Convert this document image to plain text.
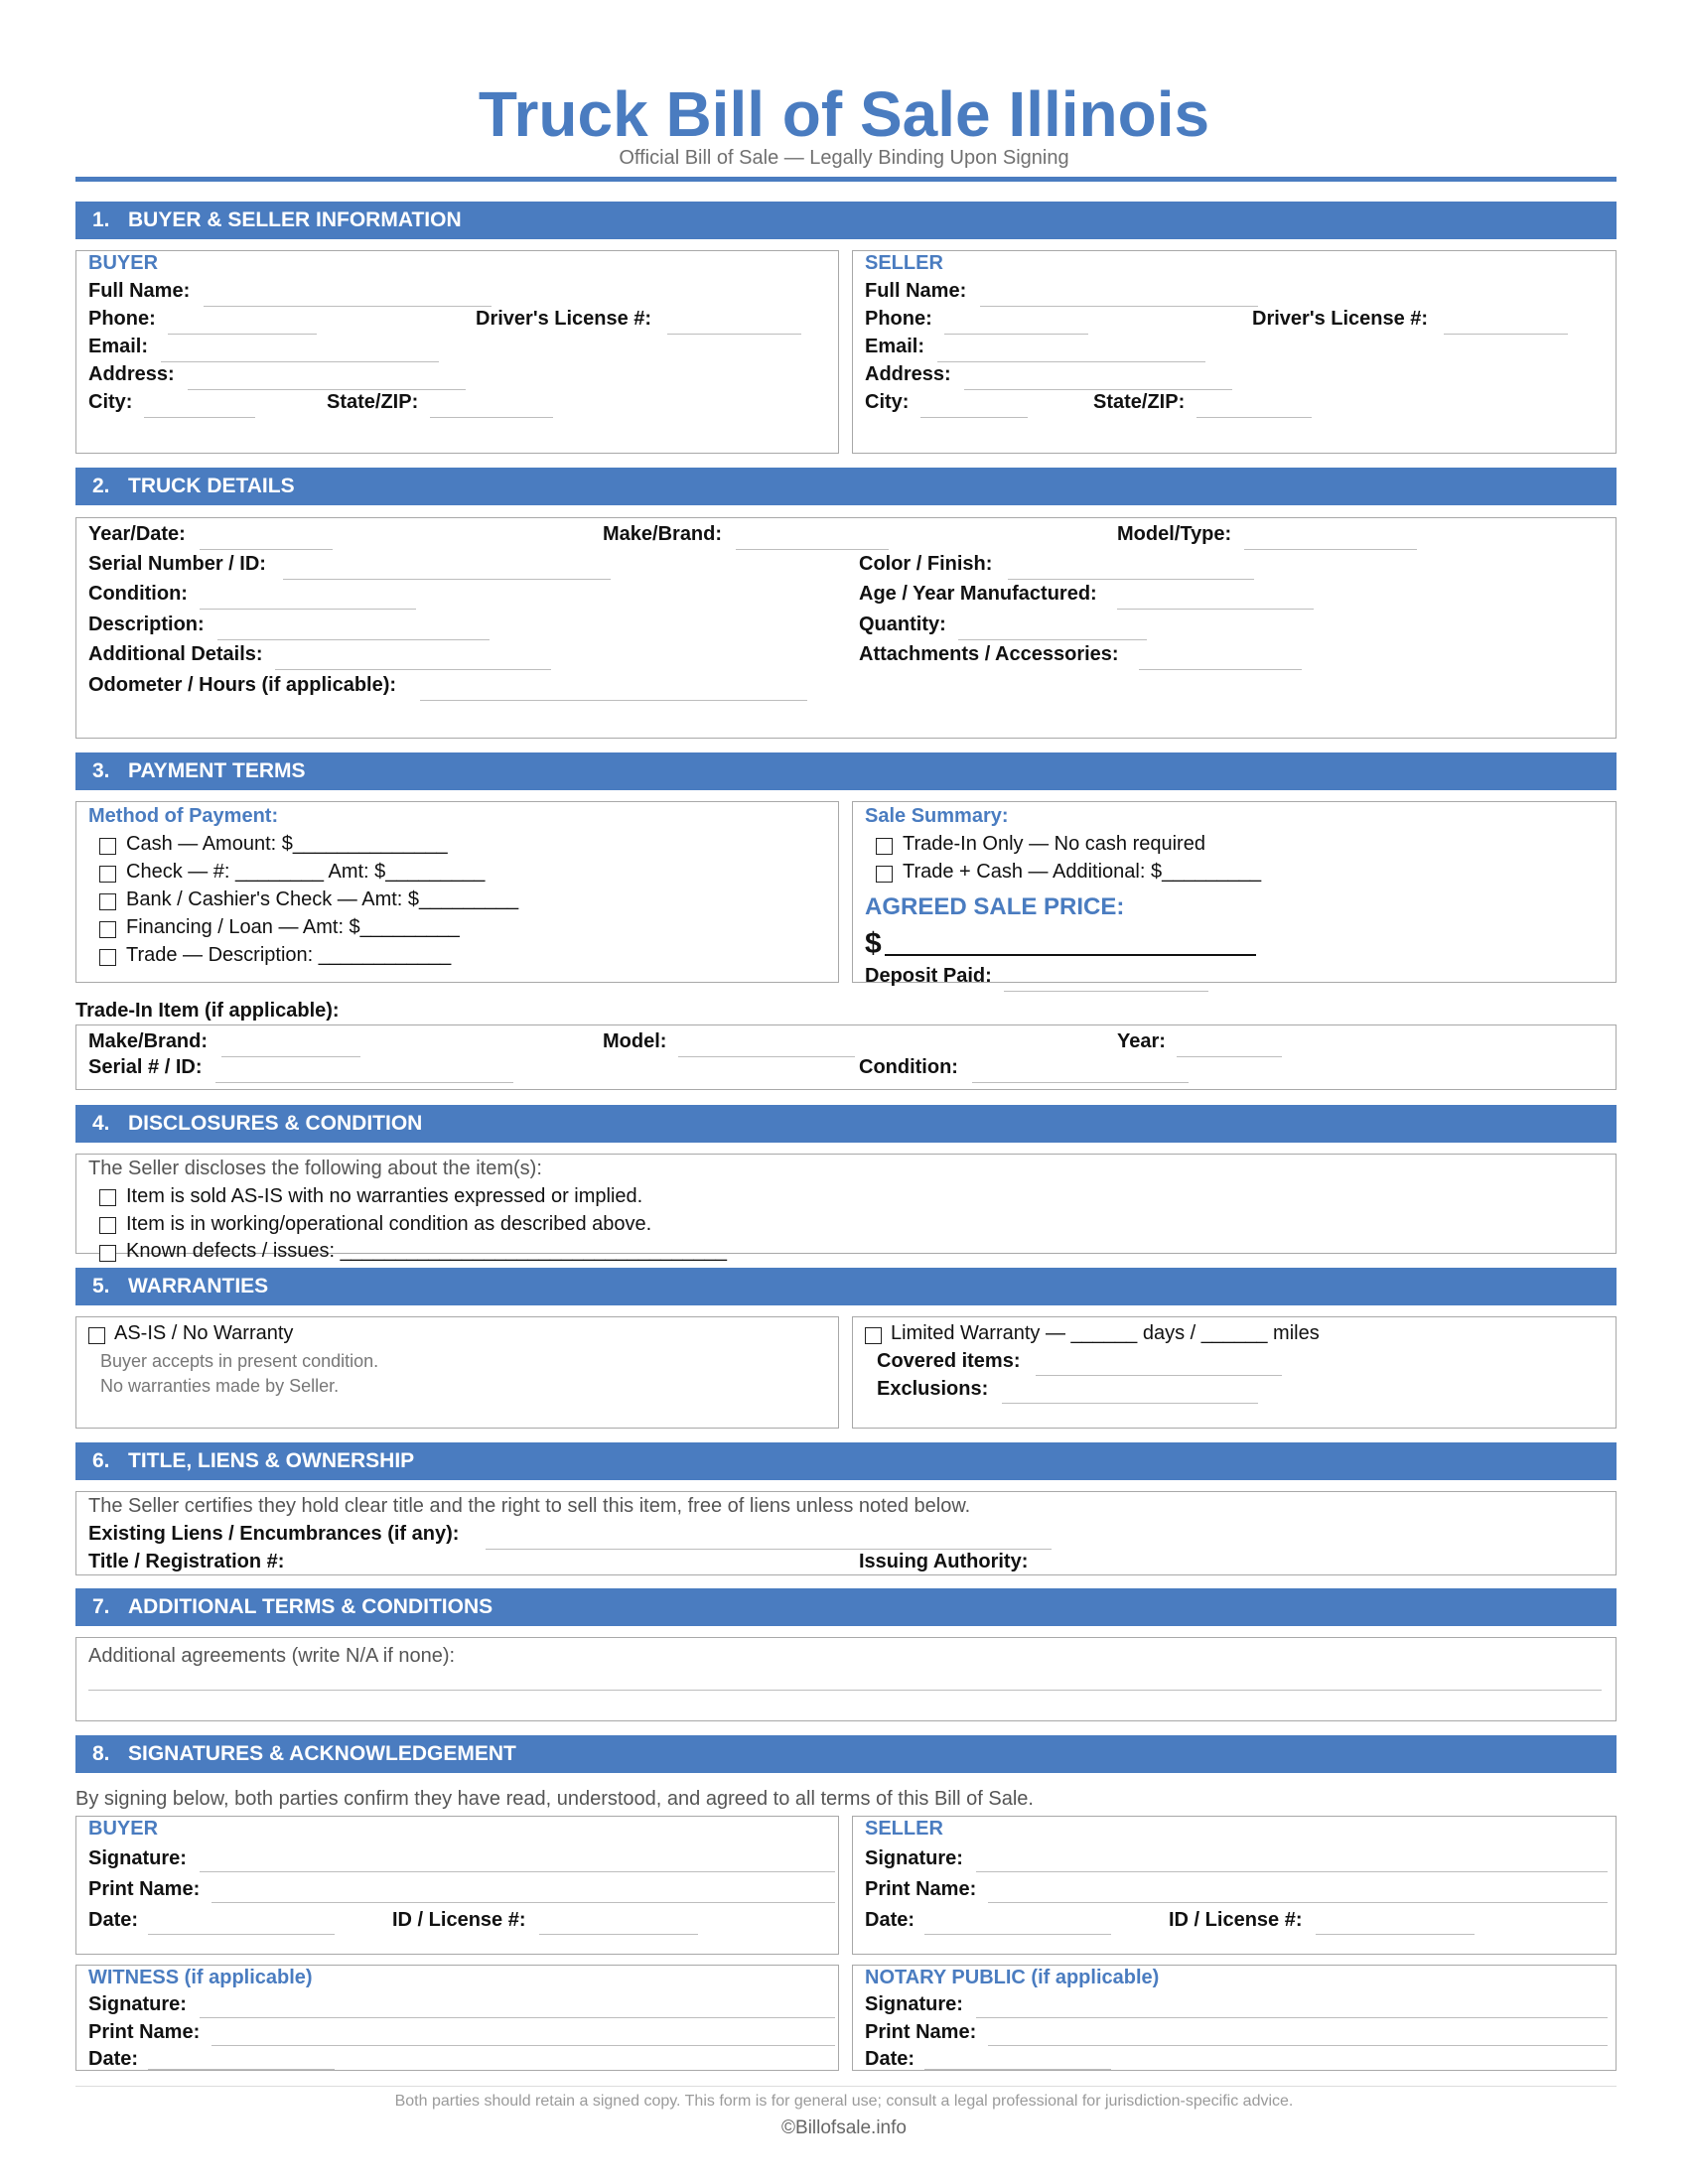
Truck Bill of Sale Illinois
Official Bill of Sale — Legally Binding Upon Signing
1. BUYER & SELLER INFORMATION
BUYER
Full Name:
Phone:	Driver's License #:
Email:
Address:
City:	State/ZIP:
SELLER
Full Name:
Phone:	Driver's License #:
Email:
Address:
City:	State/ZIP:
2. TRUCK DETAILS
Year/Date:	Make/Brand:	Model/Type:
Serial Number / ID:	Color / Finish:
Condition:	Age / Year Manufactured:
Description:	Quantity:
Additional Details:	Attachments / Accessories:
Odometer / Hours (if applicable):
3. PAYMENT TERMS
Method of Payment:
Cash — Amount: $______________
Check — #: ________ Amt: $_________
Bank / Cashier's Check — Amt: $_________
Financing / Loan — Amt: $_________
Trade — Description: ____________
Sale Summary:
Trade-In Only — No cash required
Trade + Cash — Additional: $_________
AGREED SALE PRICE:
$
Deposit Paid:
Trade-In Item (if applicable):
Make/Brand:	Model:	Year:
Serial # / ID:	Condition:
4. DISCLOSURES & CONDITION
The Seller discloses the following about the item(s):
Item is sold AS-IS with no warranties expressed or implied.
Item is in working/operational condition as described above.
Known defects / issues: ___________________________________
5. WARRANTIES
AS-IS / No Warranty
Buyer accepts in present condition.
No warranties made by Seller.
Limited Warranty — ______ days / ______ miles
Covered items:
Exclusions:
6. TITLE, LIENS & OWNERSHIP
The Seller certifies they hold clear title and the right to sell this item, free of liens unless noted below.
Existing Liens / Encumbrances (if any):
Title / Registration #:	Issuing Authority:
7. ADDITIONAL TERMS & CONDITIONS
Additional agreements (write N/A if none):
8. SIGNATURES & ACKNOWLEDGEMENT
By signing below, both parties confirm they have read, understood, and agreed to all terms of this Bill of Sale.
BUYER
Signature:
Print Name:
Date:	ID / License #:
SELLER
Signature:
Print Name:
Date:	ID / License #:
WITNESS (if applicable)
Signature:
Print Name:
Date:
NOTARY PUBLIC (if applicable)
Signature:
Print Name:
Date:
Both parties should retain a signed copy. This form is for general use; consult a legal professional for jurisdiction-specific advice.
©Billofsale.info
